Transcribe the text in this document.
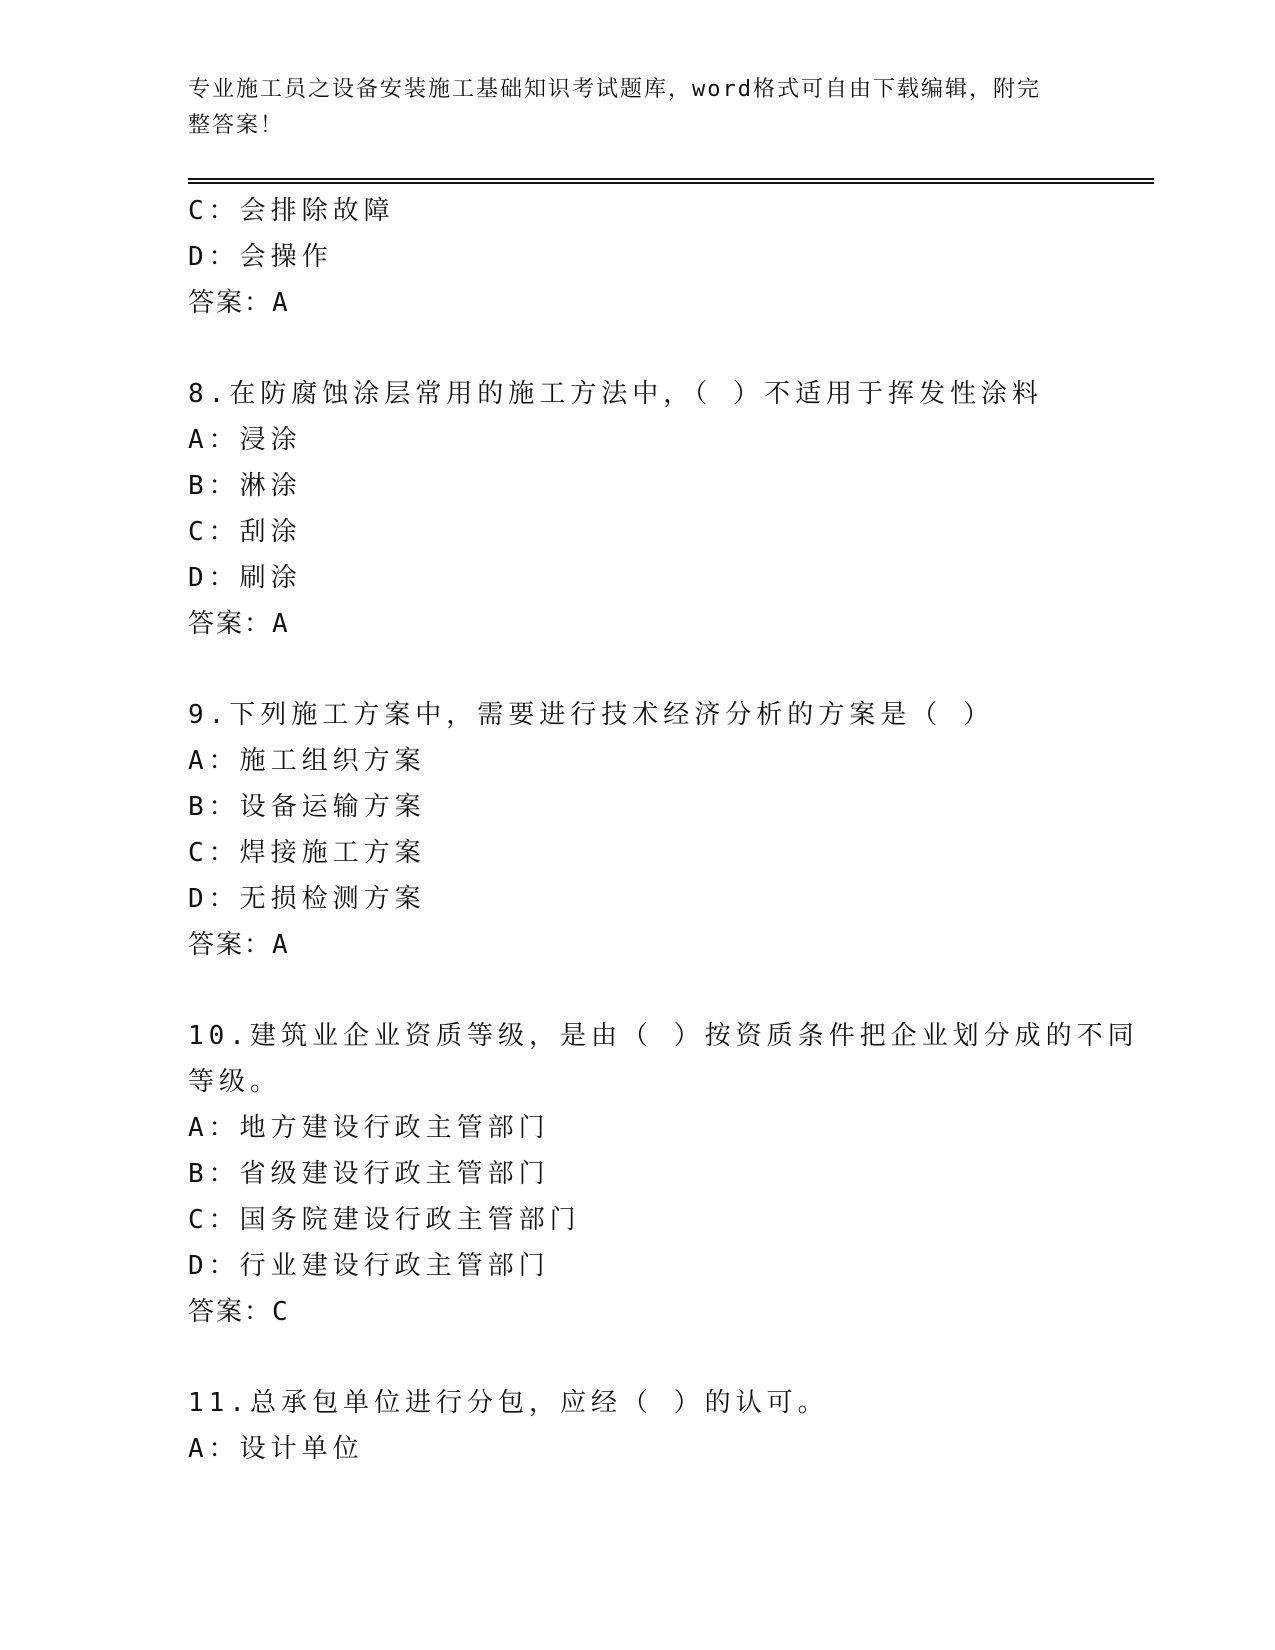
专业施工员之设备安装施工基础知识考试题库，word格式可自由下载编辑，附完
整答案！
C：会排除故障
D：会操作
答案：A
8.在防腐蚀涂层常用的施工方法中，（ ）不适用于挥发性涂料
A：浸涂
B：淋涂
C：刮涂
D：刷涂
答案：A
9.下列施工方案中，需要进行技术经济分析的方案是（ ）
A：施工组织方案
B：设备运输方案
C：焊接施工方案
D：无损检测方案
答案：A
10.建筑业企业资质等级，是由（ ）按资质条件把企业划分成的不同
等级。
A：地方建设行政主管部门
B：省级建设行政主管部门
C：国务院建设行政主管部门
D：行业建设行政主管部门
答案：C
11.总承包单位进行分包，应经（ ）的认可。
A：设计单位
